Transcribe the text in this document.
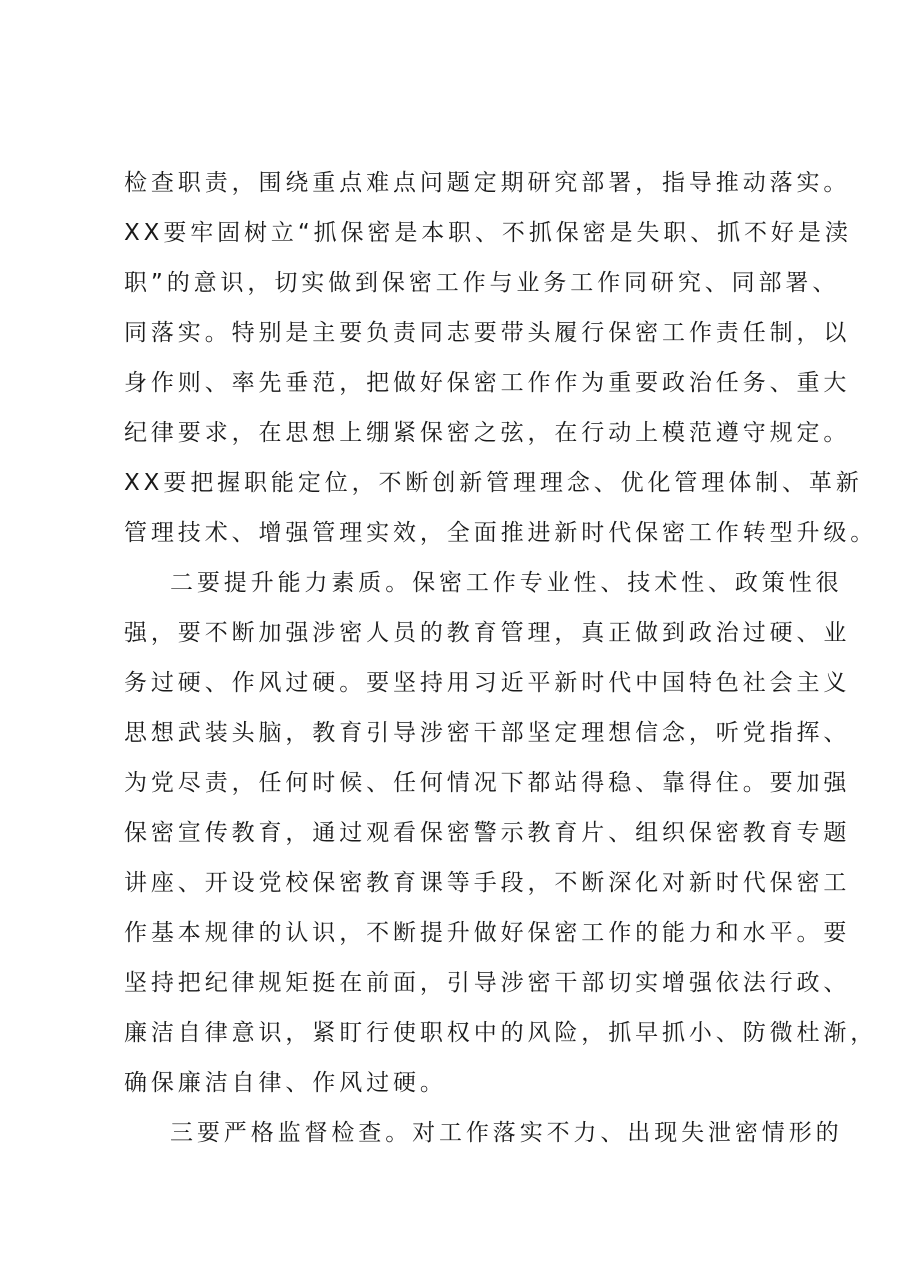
检查职责，围绕重点难点问题定期研究部署，指导推动落实。
XX要牢固树立“抓保密是本职、不抓保密是失职、抓不好是渎
职”的意识，切实做到保密工作与业务工作同研究、同部署、
同落实。特别是主要负责同志要带头履行保密工作责任制，以
身作则、率先垂范，把做好保密工作作为重要政治任务、重大
纪律要求，在思想上绷紧保密之弦，在行动上模范遵守规定。
XX要把握职能定位，不断创新管理理念、优化管理体制、革新
管理技术、增强管理实效，全面推进新时代保密工作转型升级。
二要提升能力素质。保密工作专业性、技术性、政策性很
强，要不断加强涉密人员的教育管理，真正做到政治过硬、业
务过硬、作风过硬。要坚持用习近平新时代中国特色社会主义
思想武装头脑，教育引导涉密干部坚定理想信念，听党指挥、
为党尽责，任何时候、任何情况下都站得稳、靠得住。要加强
保密宣传教育，通过观看保密警示教育片、组织保密教育专题
讲座、开设党校保密教育课等手段，不断深化对新时代保密工
作基本规律的认识，不断提升做好保密工作的能力和水平。要
坚持把纪律规矩挺在前面，引导涉密干部切实增强依法行政、
廉洁自律意识，紧盯行使职权中的风险，抓早抓小、防微杜渐，
确保廉洁自律、作风过硬。
三要严格监督检查。对工作落实不力、出现失泄密情形的
